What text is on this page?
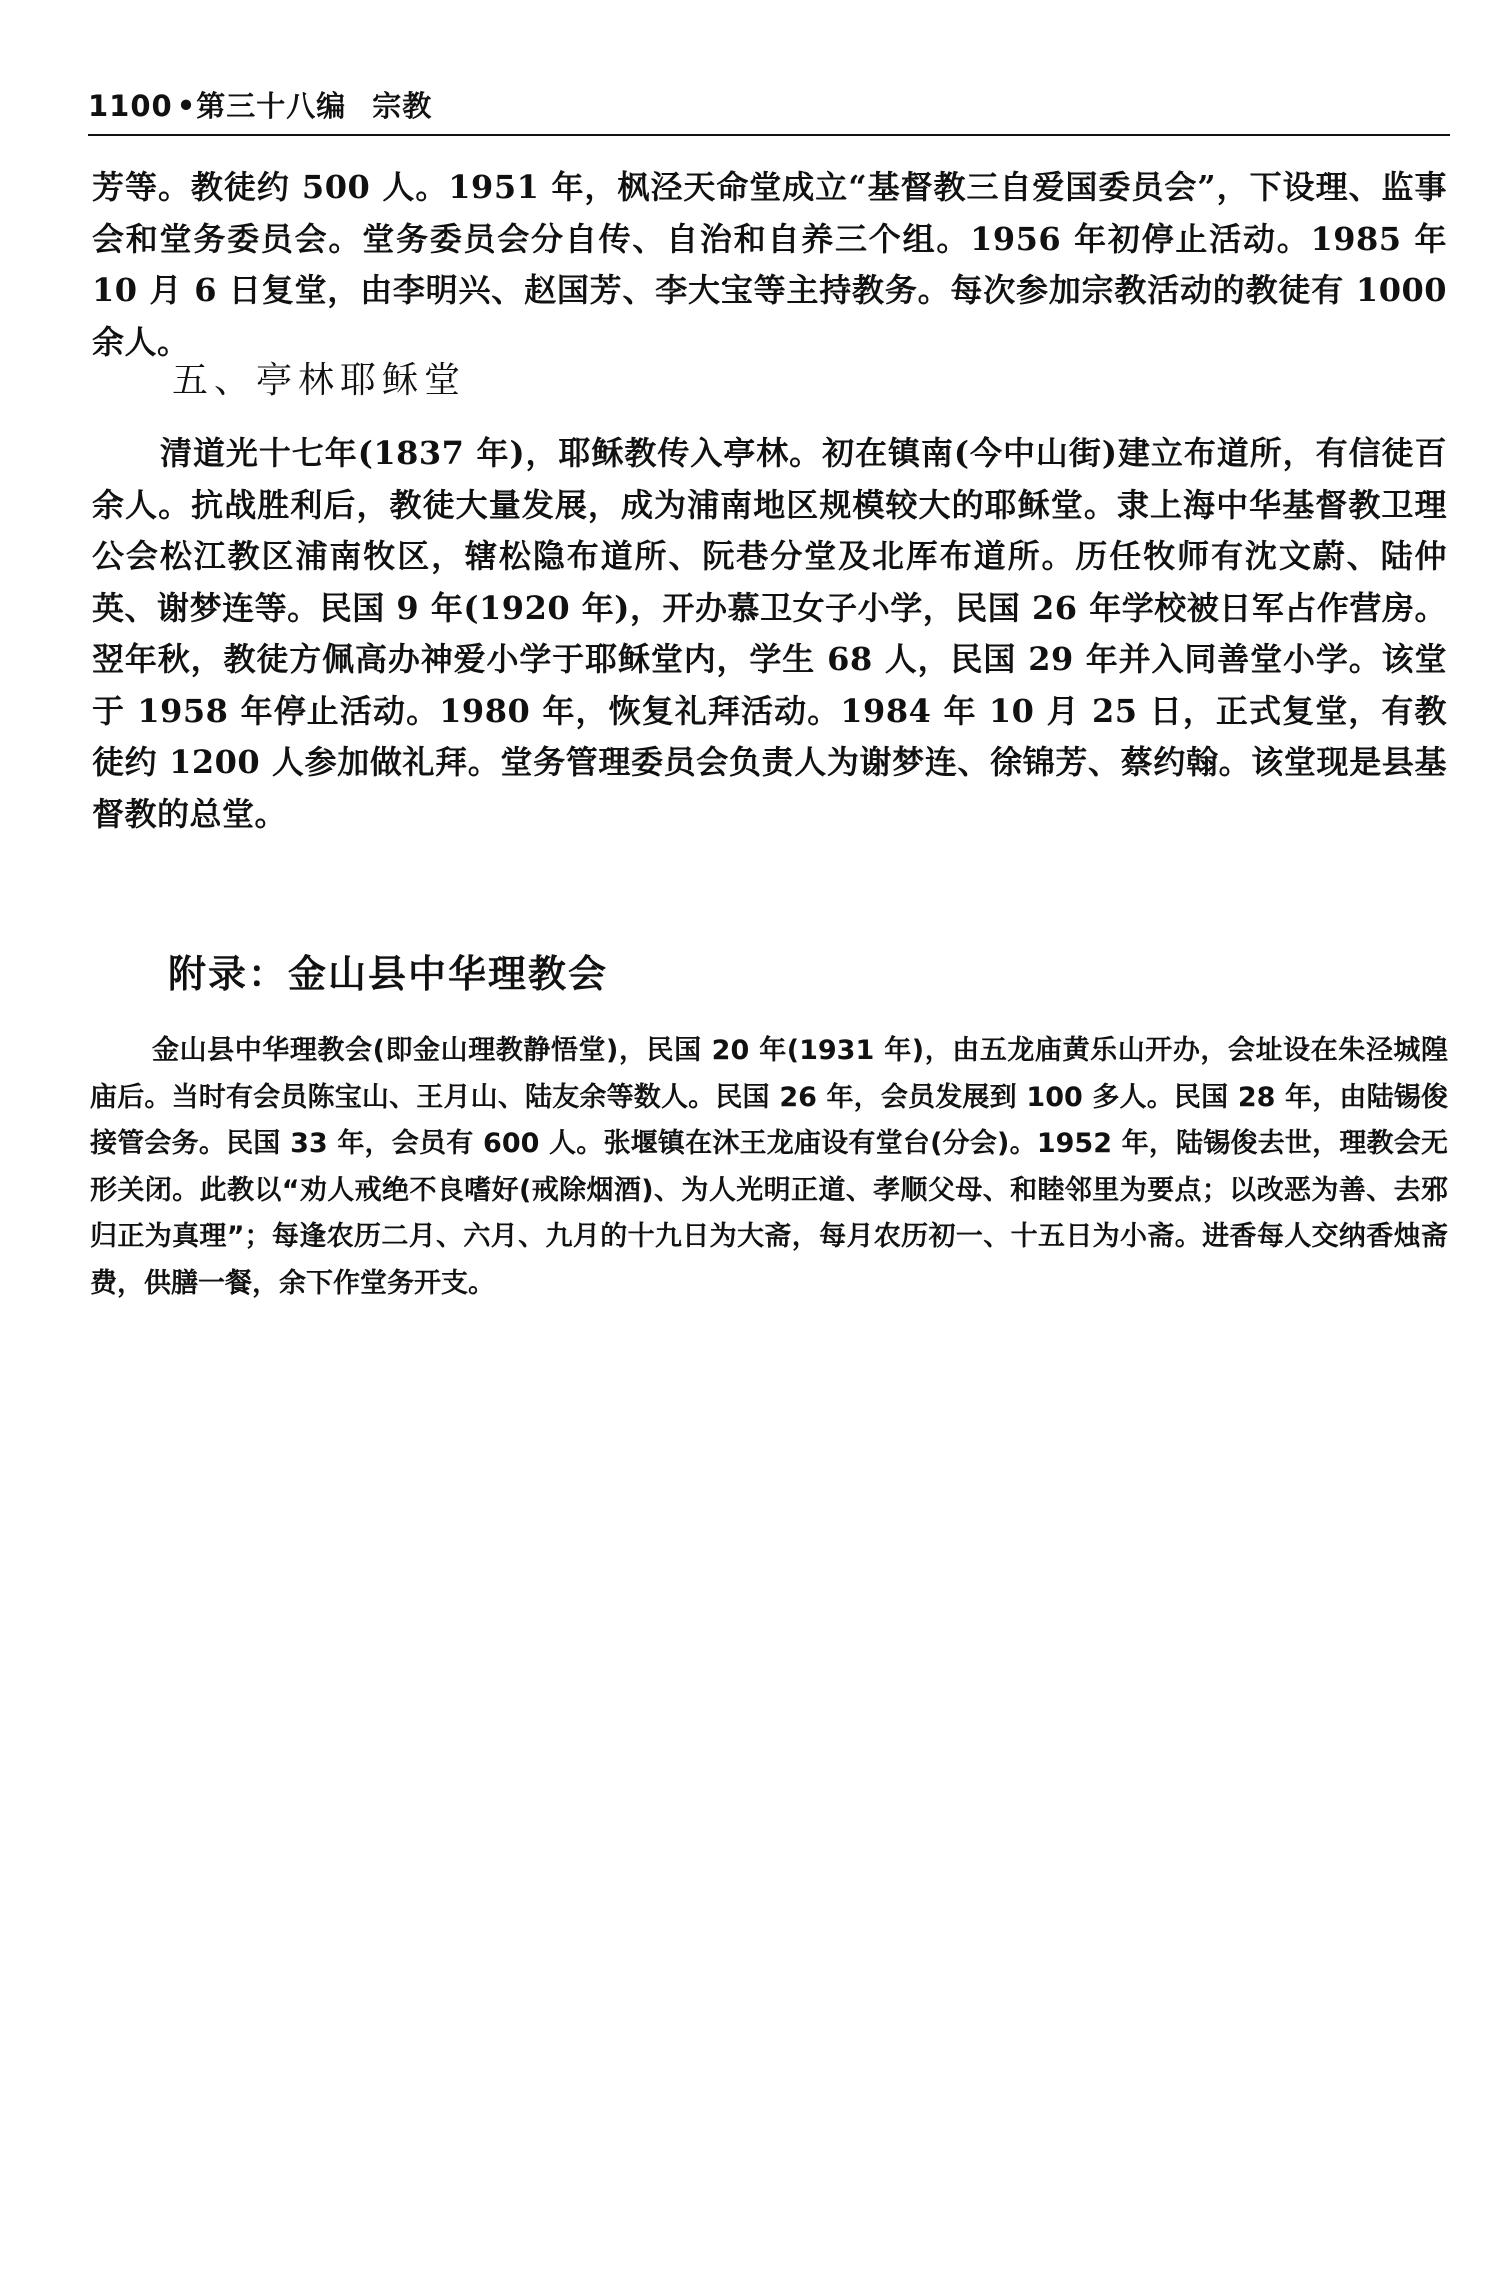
1100 •第三十八编 宗教

芳等。教徒约 500 人。1951 年，枫泾天命堂成立“基督教三自爱国委员会”，下设理、监事会和堂务委员会。堂务委员会分自传、自治和自养三个组。1956 年初停止活动。1985 年 10 月 6 日复堂，由李明兴、赵国芳、李大宝等主持教务。每次参加宗教活动的教徒有 1000 余人。

五、亭林耶稣堂

清道光十七年(1837 年)，耶稣教传入亭林。初在镇南(今中山街)建立布道所，有信徒百余人。抗战胜利后，教徒大量发展，成为浦南地区规模较大的耶稣堂。隶上海中华基督教卫理公会松江教区浦南牧区，辖松隐布道所、阮巷分堂及北厍布道所。历任牧师有沈文蔚、陆仲英、谢梦连等。民国 9 年(1920 年)，开办慕卫女子小学，民国 26 年学校被日军占作营房。翌年秋，教徒方佩高办神爱小学于耶稣堂内，学生 68 人，民国 29 年并入同善堂小学。该堂于 1958 年停止活动。1980 年，恢复礼拜活动。1984 年 10 月 25 日，正式复堂，有教徒约 1200 人参加做礼拜。堂务管理委员会负责人为谢梦连、徐锦芳、蔡约翰。该堂现是县基督教的总堂。

附录：金山县中华理教会

金山县中华理教会(即金山理教静悟堂)，民国 20 年(1931 年)，由五龙庙黄乐山开办，会址设在朱泾城隍庙后。当时有会员陈宝山、王月山、陆友余等数人。民国 26 年，会员发展到 100 多人。民国 28 年，由陆锡俊接管会务。民国 33 年，会员有 600 人。张堰镇在沐王龙庙设有堂台(分会)。1952 年，陆锡俊去世，理教会无形关闭。此教以“劝人戒绝不良嗜好(戒除烟酒)、为人光明正道、孝顺父母、和睦邻里为要点；以改恶为善、去邪归正为真理”；每逢农历二月、六月、九月的十九日为大斋，每月农历初一、十五日为小斋。进香每人交纳香烛斋费，供膳一餐，余下作堂务开支。
